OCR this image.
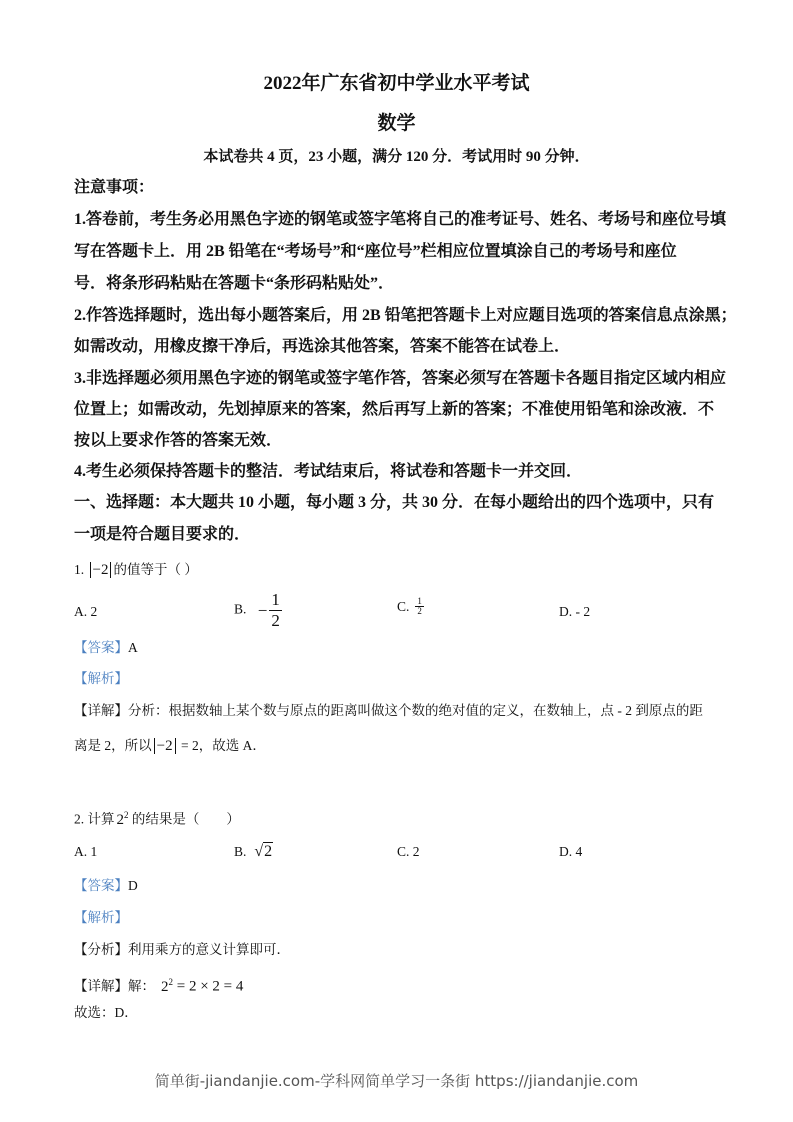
2022年广东省初中学业水平考试
数学
本试卷共 4 页，23 小题，满分 120 分．考试用时 90 分钟．
注意事项：
1.答卷前，考生务必用黑色字迹的钢笔或签字笔将自己的准考证号、姓名、考场号和座位号填
写在答题卡上．用 2B 铅笔在“考场号”和“座位号”栏相应位置填涂自己的考场号和座位
号．将条形码粘贴在答题卡“条形码粘贴处”．
2.作答选择题时，选出每小题答案后，用 2B 铅笔把答题卡上对应题目选项的答案信息点涂黑；
如需改动，用橡皮擦干净后，再选涂其他答案，答案不能答在试卷上．
3.非选择题必须用黑色字迹的钢笔或签字笔作答，答案必须写在答题卡各题目指定区域内相应
位置上；如需改动，先划掉原来的答案，然后再写上新的答案；不准使用铅笔和涂改液．不
按以上要求作答的答案无效．
4.考生必须保持答题卡的整洁．考试结束后，将试卷和答题卡一并交回．
一、选择题：本大题共 10 小题，每小题 3 分，共 30 分．在每小题给出的四个选项中，只有
一项是符合题目要求的．
1. −2 的值等于（ ）
A. 2	B. − $\frac{1}{2}$	C. $\frac{1}{2}$	D. - 2
【答案】A
【解析】
【详解】分析：根据数轴上某个数与原点的距离叫做这个数的绝对值的定义，在数轴上，点 - 2 到原点的距
离是 2，所以 −2 = 2，故选 A．
2. 计算 $2^2$ 的结果是（　　）
A. 1	B. √2	C. 2	D. 4
【答案】D
【解析】
【分析】利用乘方的意义计算即可．
【详解】解： $2^2 = 2 \times 2 = 4$
故选：D．
简单街-jiandanjie.com-学科网简单学习一条街 https://jiandanjie.com
